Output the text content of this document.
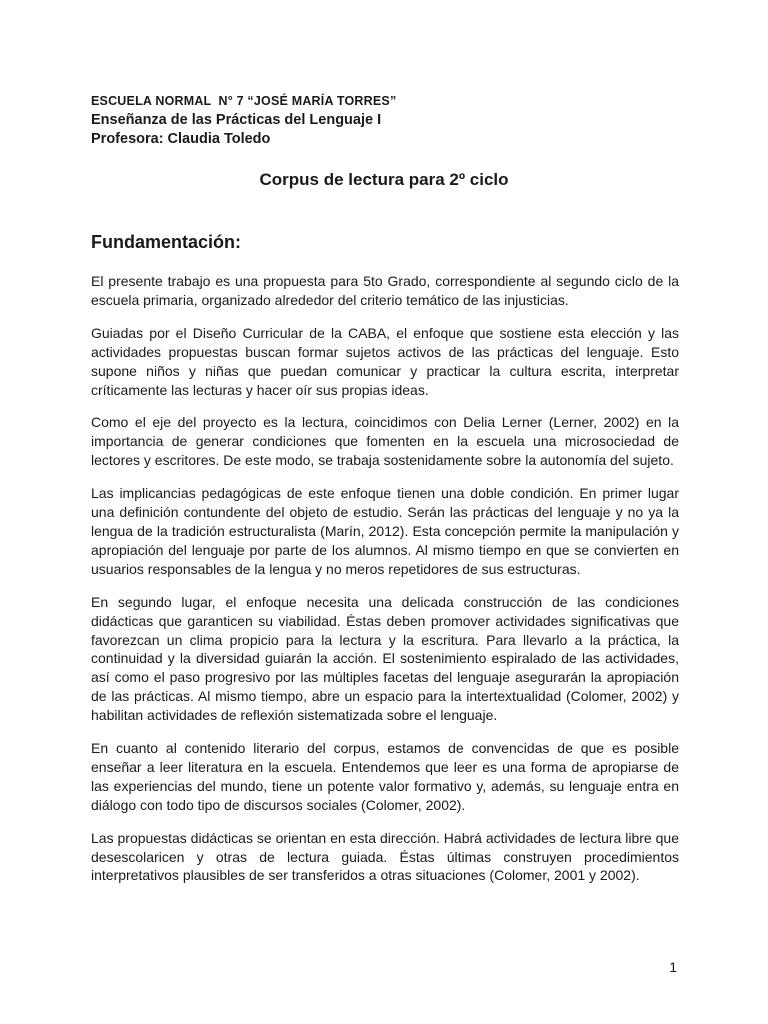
ESCUELA NORMAL  N° 7 “JOSÉ MARÍA TORRES”

Enseñanza de las Prácticas del Lenguaje I

Profesora: Claudia Toledo

Corpus de lectura para 2º ciclo
Fundamentación:

El presente trabajo es una propuesta para 5to Grado, correspondiente al segundo ciclo de la escuela primaria, organizado alrededor del criterio temático de las injusticias.

Guiadas por el Diseño Curricular de la CABA, el enfoque que sostiene esta elección y las actividades propuestas buscan formar sujetos activos de las prácticas del lenguaje. Esto supone niños y niñas que puedan comunicar y practicar la cultura escrita, interpretar críticamente las lecturas y hacer oír sus propias ideas.

Como el eje del proyecto es la lectura, coincidimos con Delia Lerner (Lerner, 2002) en la importancia de generar condiciones que fomenten en la escuela una microsociedad de lectores y escritores. De este modo, se trabaja sostenidamente sobre la autonomía del sujeto.

Las implicancias pedagógicas de este enfoque tienen una doble condición. En primer lugar una definición contundente del objeto de estudio. Serán las prácticas del lenguaje y no ya la lengua de la tradición estructuralista (Marín, 2012). Esta concepción permite la manipulación y apropiación del lenguaje por parte de los alumnos. Al mismo tiempo en que se convierten en usuarios responsables de la lengua y no meros repetidores de sus estructuras.

En segundo lugar, el enfoque necesita una delicada construcción de las condiciones didácticas que garanticen su viabilidad. Éstas deben promover actividades significativas que favorezcan un clima propicio para la lectura y la escritura. Para llevarlo a la práctica, la continuidad y la diversidad guiarán la acción. El sostenimiento espiralado de las actividades, así como el paso progresivo por las múltiples facetas del lenguaje asegurarán la apropiación de las prácticas. Al mismo tiempo, abre un espacio para la intertextualidad (Colomer, 2002) y habilitan actividades de reflexión sistematizada sobre el lenguaje.

En cuanto al contenido literario del corpus, estamos de convencidas de que es posible enseñar a leer literatura en la escuela. Entendemos que leer es una forma de apropiarse de las experiencias del mundo, tiene un potente valor formativo y, además, su lenguaje entra en diálogo con todo tipo de discursos sociales (Colomer, 2002).

Las propuestas didácticas se orientan en esta dirección. Habrá actividades de lectura libre que desescolaricen y otras de lectura guiada. Éstas últimas construyen procedimientos interpretativos plausibles de ser transferidos a otras situaciones (Colomer, 2001 y 2002).

1
